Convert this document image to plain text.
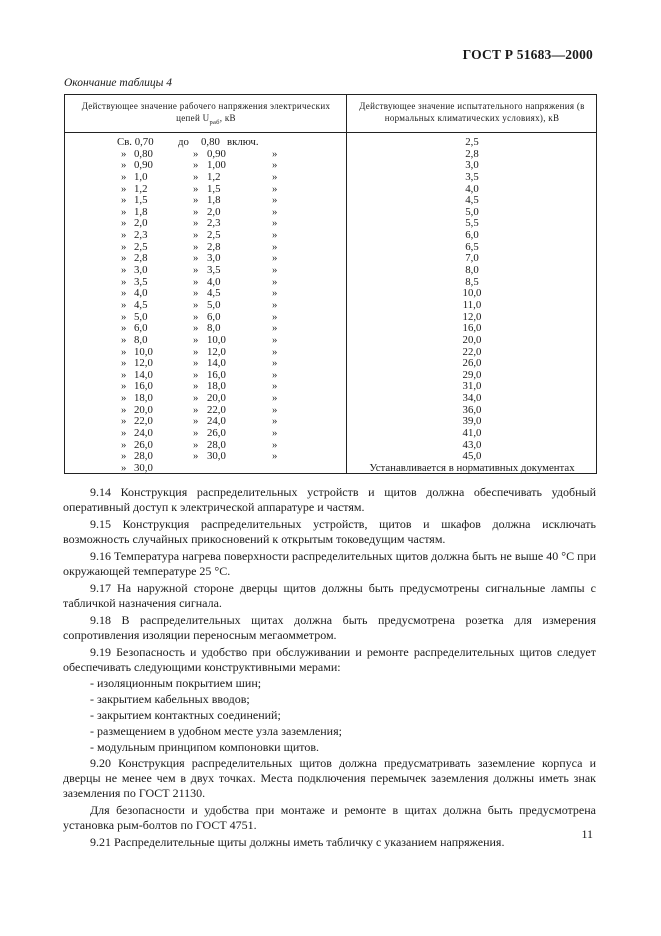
ГОСТ Р 51683—2000
Окончание таблицы 4
Действующее значение рабочего напряжения электрических цепей $U_{раб}$, кВ
Действующее значение испытательного напряжения (в нормальных климатических условиях), кВ
Св. 0,70 до 0,80 включ.	2,5
» 0,80	» 0,90	»	2,8
» 0,90	» 1,00	»	3,0
» 1,0	» 1,2	»	3,5
» 1,2	» 1,5	»	4,0
» 1,5	» 1,8	»	4,5
» 1,8	» 2,0	»	5,0
» 2,0	» 2,3	»	5,5
» 2,3	» 2,5	»	6,0
» 2,5	» 2,8	»	6,5
» 2,8	» 3,0	»	7,0
» 3,0	» 3,5	»	8,0
» 3,5	» 4,0	»	8,5
» 4,0	» 4,5	»	10,0
» 4,5	» 5,0	»	11,0
» 5,0	» 6,0	»	12,0
» 6,0	» 8,0	»	16,0
» 8,0	» 10,0	»	20,0
» 10,0	» 12,0	»	22,0
» 12,0	» 14,0	»	26,0
» 14,0	» 16,0	»	29,0
» 16,0	» 18,0	»	31,0
» 18,0	» 20,0	»	34,0
» 20,0	» 22,0	»	36,0
» 22,0	» 24,0	»	39,0
» 24,0	» 26,0	»	41,0
» 26,0	» 28,0	»	43,0
» 28,0	» 30,0	»	45,0
» 30,0	Устанавливается в нормативных документах

9.14 Конструкция распределительных устройств и щитов должна обеспечивать удобный оперативный доступ к электрической аппаратуре и частям.

9.15 Конструкция распределительных устройств, щитов и шкафов должна исключать возможность случайных прикосновений к открытым токоведущим частям.

9.16 Температура нагрева поверхности распределительных щитов должна быть не выше 40 °С при окружающей температуре 25 °С.

9.17 На наружной стороне дверцы щитов должны быть предусмотрены сигнальные лампы с табличкой назначения сигнала.

9.18 В распределительных щитах должна быть предусмотрена розетка для измерения сопротивления изоляции переносным мегаомметром.

9.19 Безопасность и удобство при обслуживании и ремонте распределительных щитов следует обеспечивать следующими конструктивными мерами:

- изоляционным покрытием шин;

- закрытием кабельных вводов;

- закрытием контактных соединений;

- размещением в удобном месте узла заземления;

- модульным принципом компоновки щитов.

9.20 Конструкция распределительных щитов должна предусматривать заземление корпуса и дверцы не менее чем в двух точках. Места подключения перемычек заземления должны иметь знак заземления по ГОСТ 21130.

Для безопасности и удобства при монтаже и ремонте в щитах должна быть предусмотрена установка рым-болтов по ГОСТ 4751.

9.21 Распределительные щиты должны иметь табличку с указанием напряжения.

11
